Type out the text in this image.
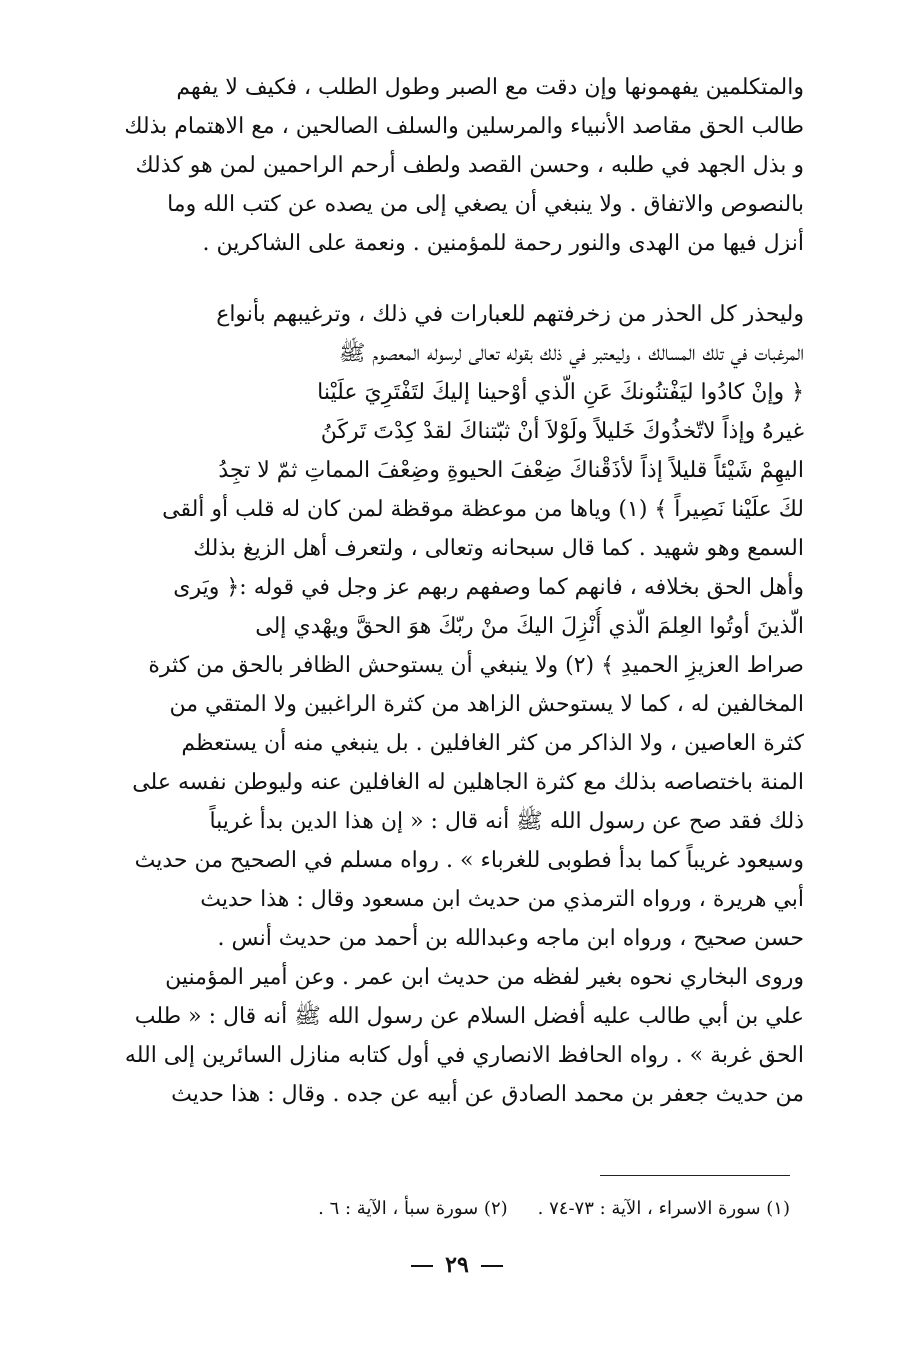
والمتكلمين يفهمونها وإن دقت مع الصبر وطول الطلب ، فكيف لا يفهم
طالب الحق مقاصد الأنبياء والمرسلين والسلف الصالحين ، مع الاهتمام بذلك
و بذل الجهد في طلبه ، وحسن القصد ولطف أرحم الراحمين لمن هو كذلك
بالنصوص والاتفاق . ولا ينبغي أن يصغي إلى من يصده عن كتب الله وما
أنزل فيها من الهدى والنور رحمة للمؤمنين . ونعمة على الشاكرين .
وليحذر كل الحذر من زخرفتهم للعبارات في ذلك ، وترغيبهم بأنواع
المرغبات في تلك المسالك ، وليعتبر في ذلك بقوله تعالى لرسوله المعصوم ﷺ
﴿ وإنْ كادُوا ليَفْتنُونكَ عَنِ الّذي أوْحينا إليكَ لتَفْتَرِيَ علَيْنا
غيرهُ وإذاً لاتّخذُوكَ خَليلاً ولَوْلاَ أنْ ثبّتناكَ لقدْ كِدْتَ تَركَنُ
اليهِمْ شَيْئاً قليلاً إذاً لأذَقْناكَ ضِعْفَ الحيوةِ وضِعْفَ المماتِ ثمّ لا تجِدُ
لكَ علَيْنا نَصِيراً ﴾ (١) وياها من موعظة موقظة لمن كان له قلب أو ألقى
السمع وهو شهيد . كما قال سبحانه وتعالى ، ولتعرف أهل الزيغ بذلك
وأهل الحق بخلافه ، فانهم كما وصفهم ربهم عز وجل في قوله :﴿ ويَرى
الّذينَ أوتُوا العِلمَ الّذي أُنْزِلَ اليكَ منْ ربّكَ هوَ الحقَّ ويهْدي إلى
صراط العزيزِ الحميدِ ﴾ (٢) ولا ينبغي أن يستوحش الظافر بالحق من كثرة
المخالفين له ، كما لا يستوحش الزاهد من كثرة الراغبين ولا المتقي من
كثرة العاصين ، ولا الذاكر من كثر الغافلين . بل ينبغي منه أن يستعظم
المنة باختصاصه بذلك مع كثرة الجاهلين له الغافلين عنه وليوطن نفسه على
ذلك فقد صح عن رسول الله ﷺ أنه قال : « إن هذا الدين بدأ غريباً
وسيعود غريباً كما بدأ فطوبى للغرباء » . رواه مسلم في الصحيح من حديث
أبي هريرة ، ورواه الترمذي من حديث ابن مسعود وقال : هذا حديث
حسن صحيح ، ورواه ابن ماجه وعبدالله بن أحمد من حديث أنس .
وروى البخاري نحوه بغير لفظه من حديث ابن عمر . وعن أمير المؤمنين
علي بن أبي طالب عليه أفضل السلام عن رسول الله ﷺ أنه قال : « طلب
الحق غربة » . رواه الحافظ الانصاري في أول كتابه منازل السائرين إلى الله
من حديث جعفر بن محمد الصادق عن أبيه عن جده . وقال : هذا حديث
(١) سورة الاسراء ، الآية : ٧٣-٧٤ .
(٢) سورة سبأ ، الآية : ٦ .
٢٩
